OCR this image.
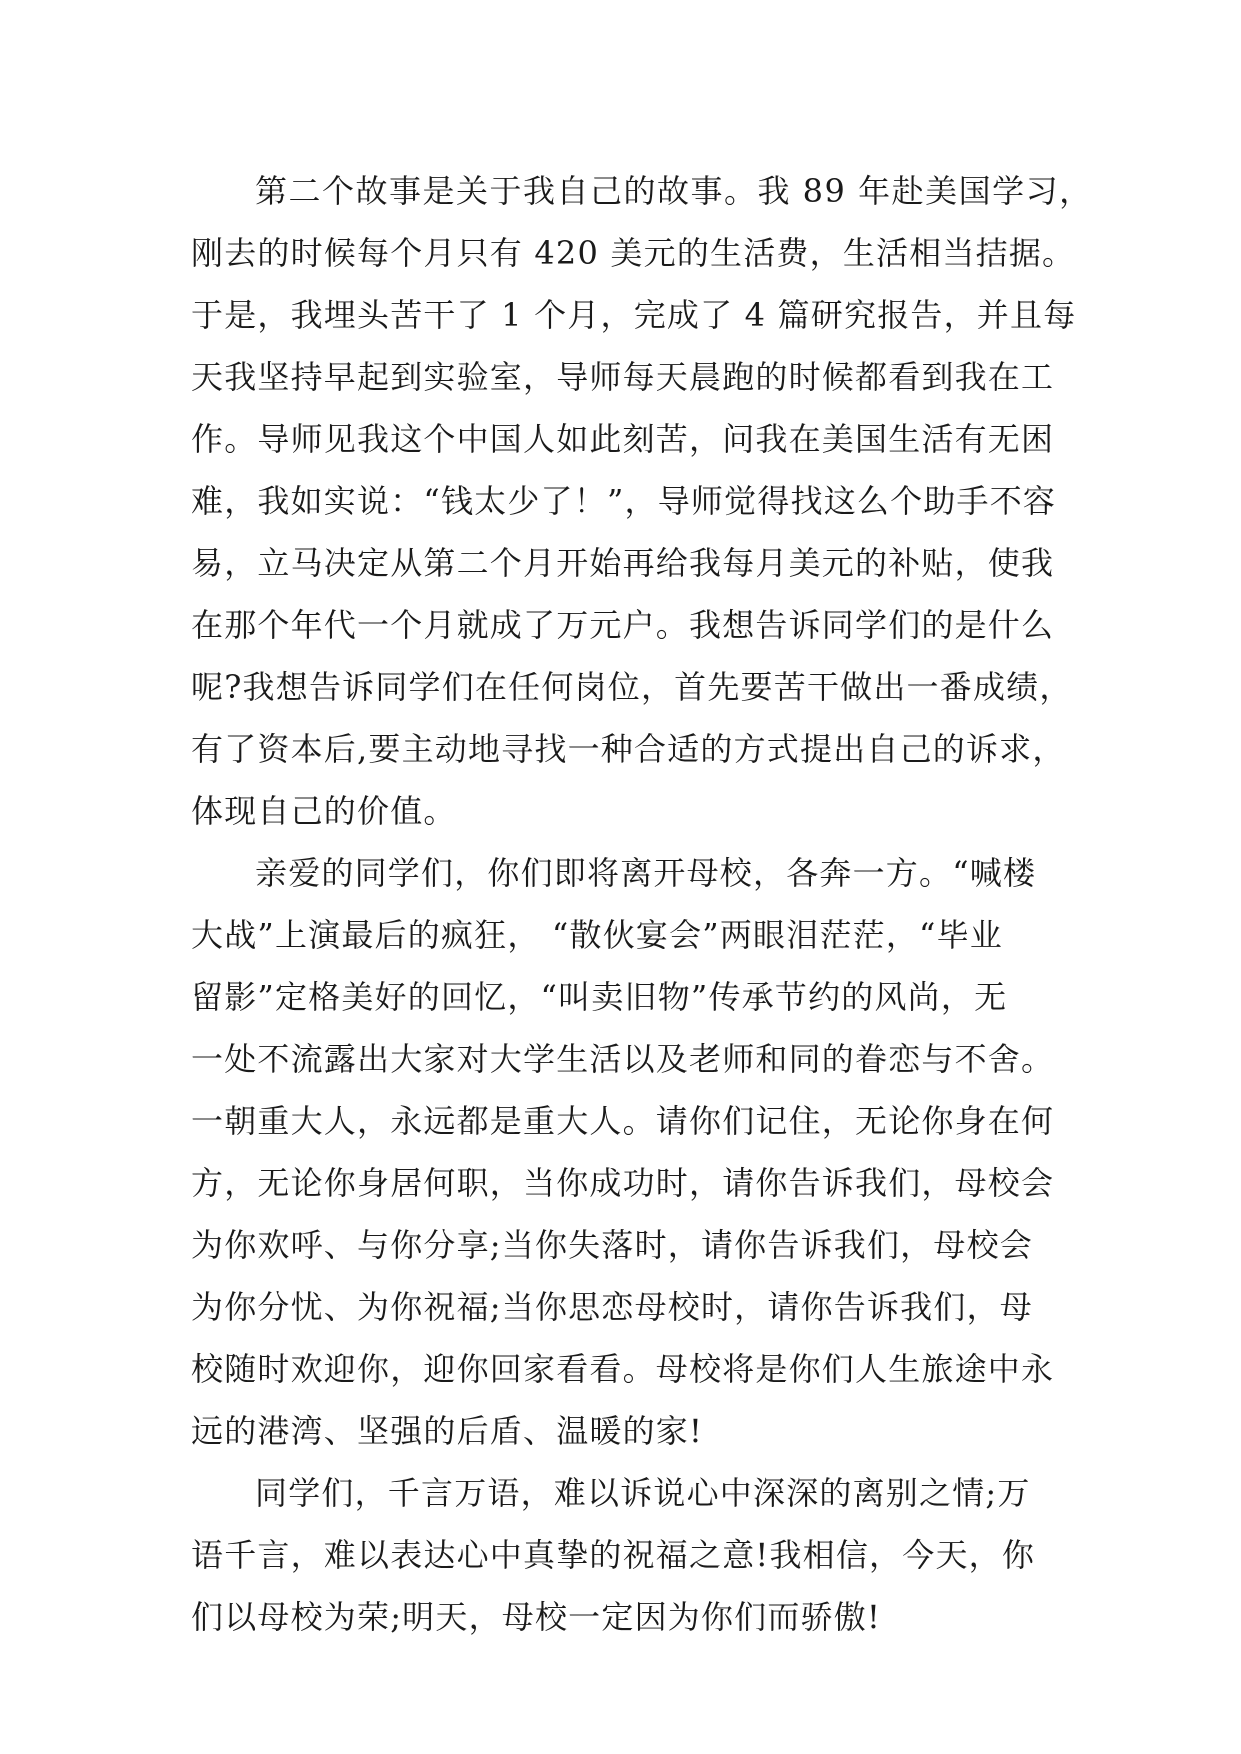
第二个故事是关于我自己的故事。我 89 年赴美国学习，
刚去的时候每个月只有 420 美元的生活费，生活相当拮据。
于是，我埋头苦干了 1 个月，完成了 4 篇研究报告，并且每
天我坚持早起到实验室，导师每天晨跑的时候都看到我在工
作。导师见我这个中国人如此刻苦，问我在美国生活有无困
难，我如实说：“钱太少了！”，导师觉得找这么个助手不容
易，立马决定从第二个月开始再给我每月美元的补贴，使我
在那个年代一个月就成了万元户。我想告诉同学们的是什么
呢?我想告诉同学们在任何岗位，首先要苦干做出一番成绩，
有了资本后,要主动地寻找一种合适的方式提出自己的诉求，
体现自己的价值。
亲爱的同学们，你们即将离开母校，各奔一方。“喊楼
大战”上演最后的疯狂， “散伙宴会”两眼泪茫茫，“毕业
留影”定格美好的回忆，“叫卖旧物”传承节约的风尚，无
一处不流露出大家对大学生活以及老师和同的眷恋与不舍。
一朝重大人，永远都是重大人。请你们记住，无论你身在何
方，无论你身居何职，当你成功时，请你告诉我们，母校会
为你欢呼、与你分享;当你失落时，请你告诉我们，母校会
为你分忧、为你祝福;当你思恋母校时，请你告诉我们，母
校随时欢迎你，迎你回家看看。母校将是你们人生旅途中永
远的港湾、坚强的后盾、温暖的家!
同学们，千言万语，难以诉说心中深深的离别之情;万
语千言，难以表达心中真挚的祝福之意!我相信，今天，你
们以母校为荣;明天，母校一定因为你们而骄傲!
